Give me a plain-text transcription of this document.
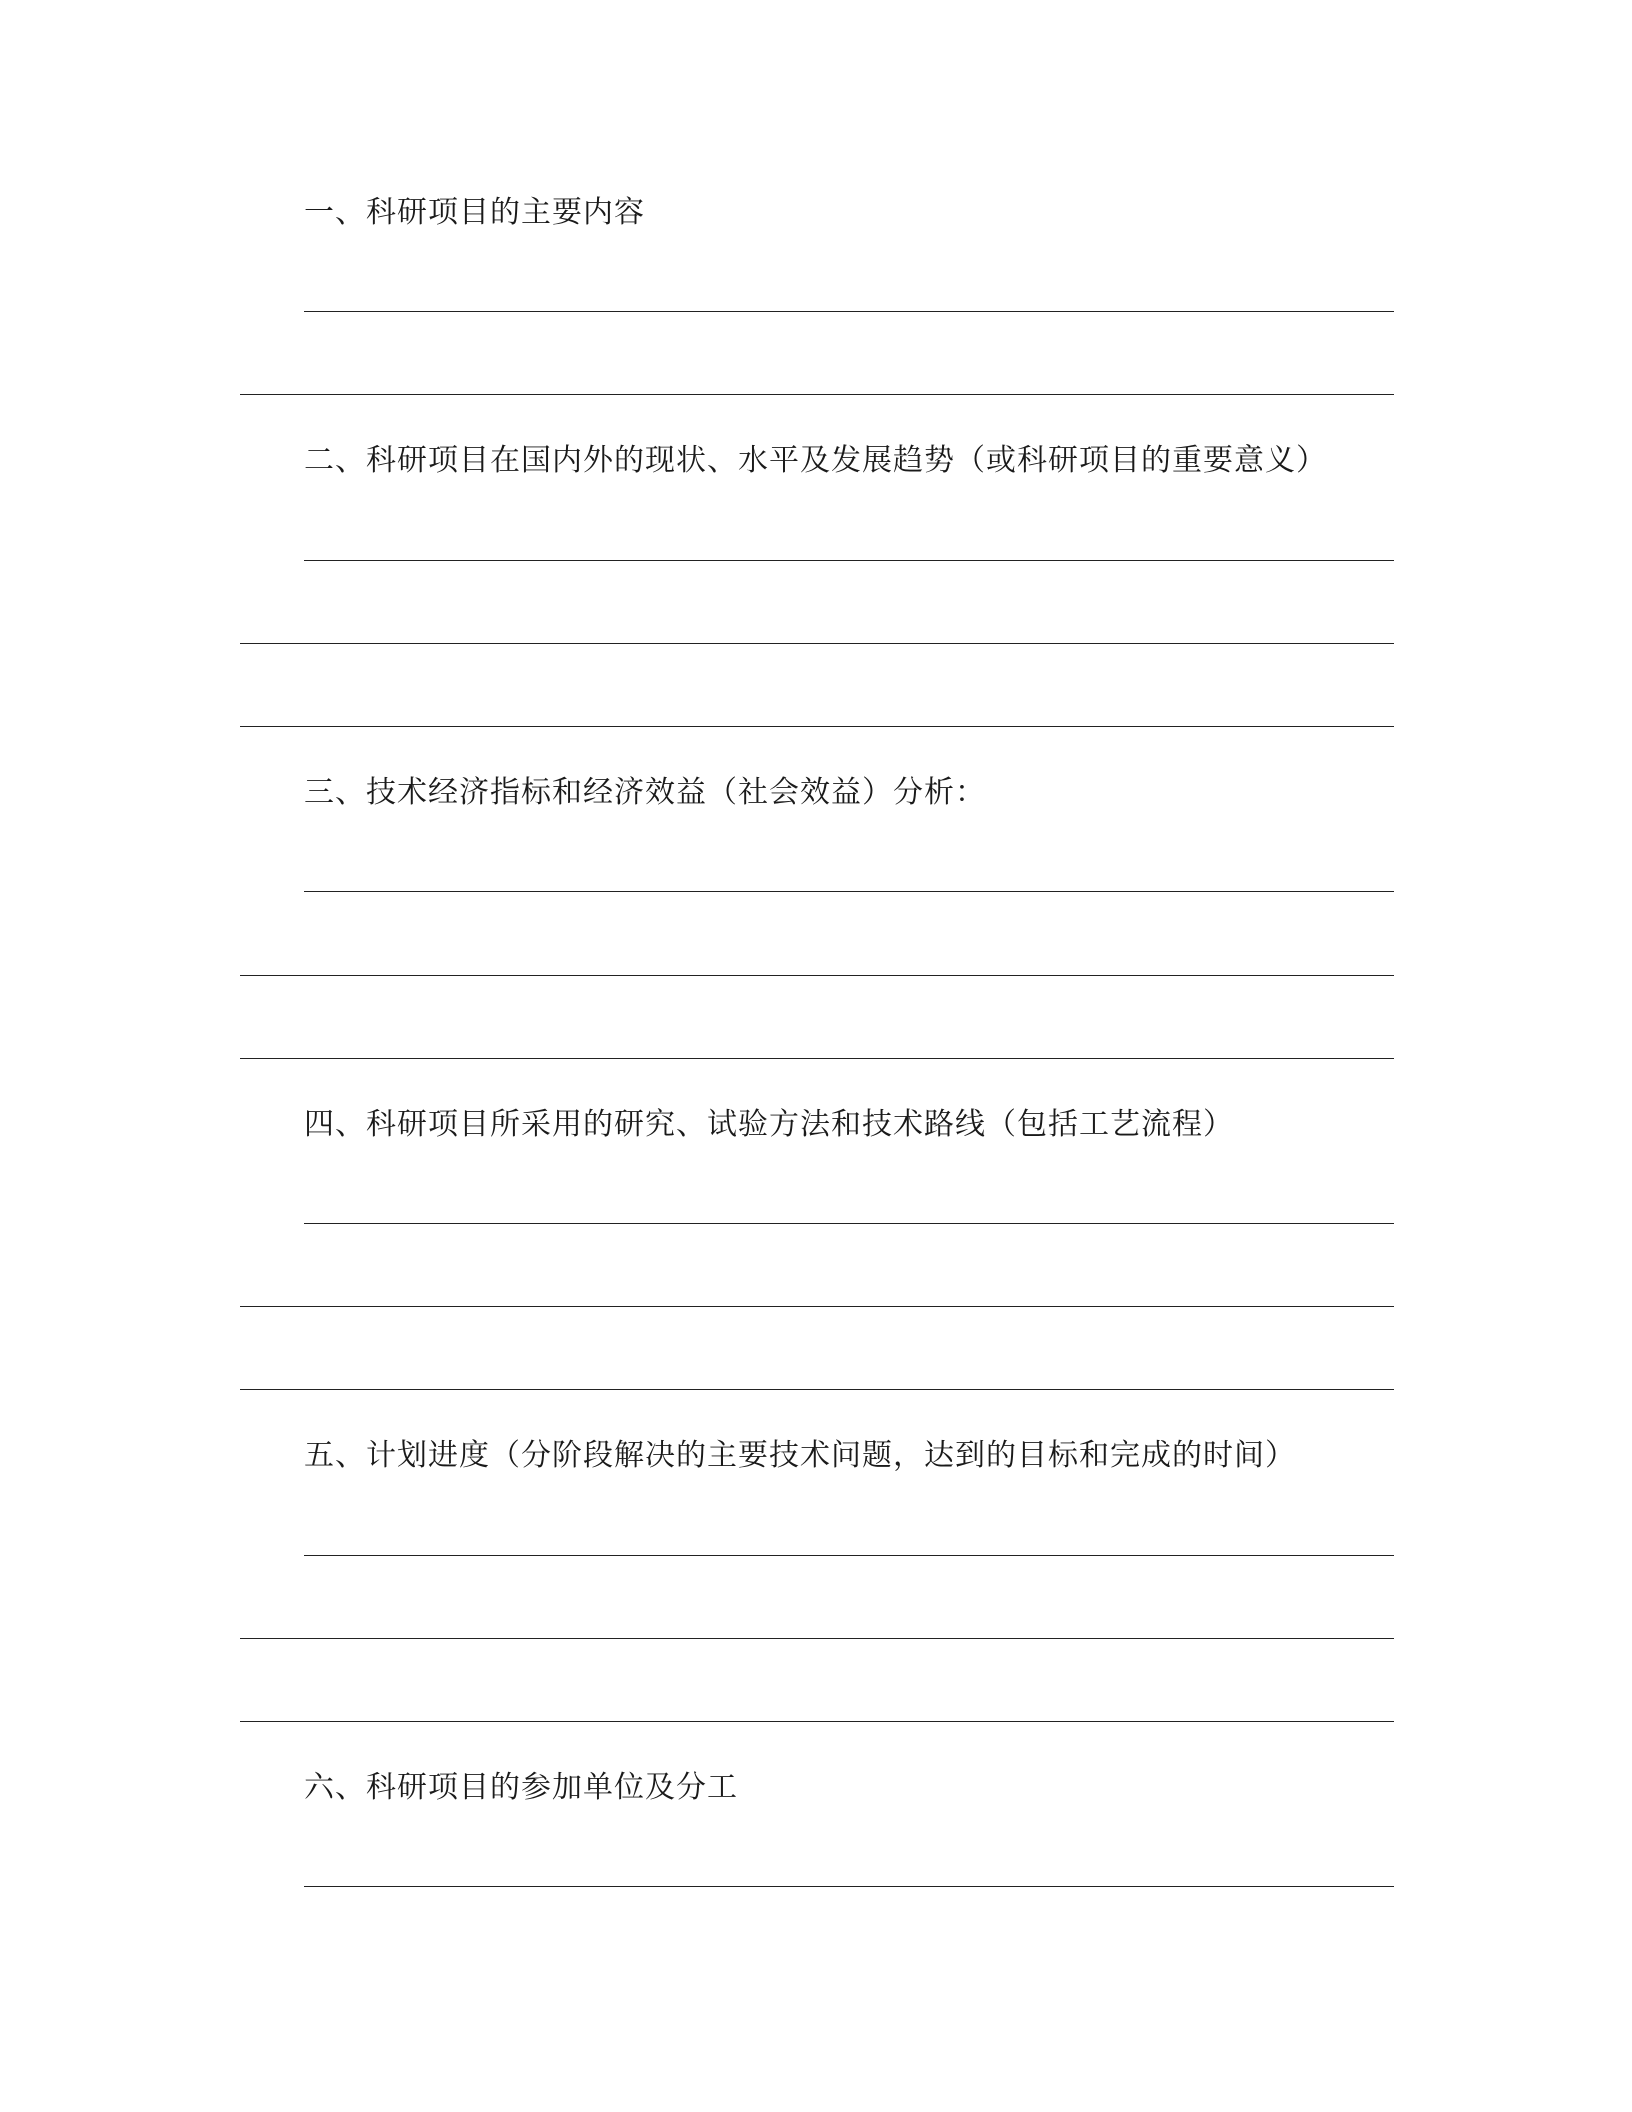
一、科研项目的主要内容
二、科研项目在国内外的现状、水平及发展趋势（或科研项目的重要意义）
三、技术经济指标和经济效益（社会效益）分析：
四、科研项目所采用的研究、试验方法和技术路线（包括工艺流程）
五、计划进度（分阶段解决的主要技术问题，达到的目标和完成的时间）
六、科研项目的参加单位及分工
